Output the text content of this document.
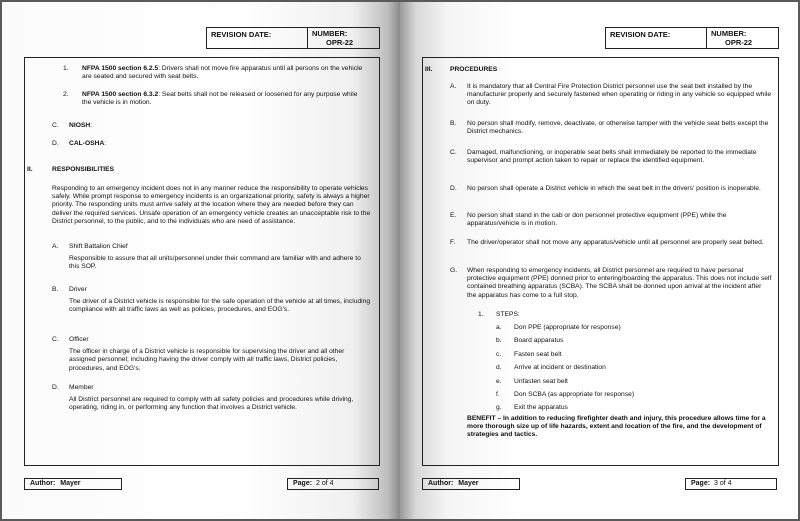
REVISION DATE:	NUMBER:
OPR-22
1. NFPA 1500 section 6.2.5: Drivers shall not move fire apparatus until all persons on the vehicle are seated and secured with seat belts.

2. NFPA 1500 section 6.3.2: Seat belts shall not be released or loosened for any purpose while the vehicle is in motion.

C. NIOSH:
D. CAL-OSHA:
II.	RESPONSIBILITIES
Responding to an emergency incident does not in any manner reduce the responsibility to operate vehicles safely. While prompt response to emergency incidents is an organizational priority, safety is always a higher priority. The responding units must arrive safely at the location where they are needed before they can deliver the required services. Unsafe operation of an emergency vehicle creates an unacceptable risk to the District personnel, to the public, and to the individuals who are need of assistance.
A. Shift Battalion Chief

Responsible to assure that all units/personnel under their command are familiar with and adhere to this SOP.

B. Driver

The driver of a District vehicle is responsible for the safe operation of the vehicle at all times, including compliance with all traffic laws as well as policies, procedures, and EOG's.

C. Officer

The officer in charge of a District vehicle is responsible for supervising the driver and all other assigned personnel; including having the driver comply with all traffic laws, District policies, procedures, and EOG's.

D. Member

All District personnel are required to comply with all safety policies and procedures while driving, operating, riding in, or performing any function that involves a District vehicle.

Author: Mayer	Page: 2 of 4
REVISION DATE:	NUMBER:
OPR-22
III.	PROCEDURES
A. It is mandatory that all Central Fire Protection District personnel use the seat belt installed by the manufacturer properly and securely fastened when operating or riding in any vehicle so equipped while on duty.

B. No person shall modify, remove, deactivate, or otherwise tamper with the vehicle seat belts except the District mechanics.

C. Damaged, malfunctioning, or inoperable seat belts shall immediately be reported to the immediate supervisor and prompt action taken to repair or replace the identified equipment.

D. No person shall operate a District vehicle in which the seat belt in the drivers' position is inoperable.

E. No person shall stand in the cab or don personnel protective equipment (PPE) while the apparatus/vehicle is in motion.

F. The driver/operator shall not move any apparatus/vehicle until all personnel are properly seat belted.

G. When responding to emergency incidents, all District personnel are required to have personal protective equipment (PPE) donned prior to entering/boarding the apparatus. This does not include self contained breathing apparatus (SCBA). The SCBA shall be donned upon arrival at the incident after the apparatus has come to a full stop.

1. STEPS:
a. Don PPE (appropriate for response)
b. Board apparatus
c. Fasten seat belt
d. Arrive at incident or destination
e. Unfasten seat belt
f. Don SCBA (as appropriate for response)
g. Exit the apparatus
BENEFIT – In addition to reducing firefighter death and injury, this procedure allows time for a more thorough size up of life hazards, extent and location of the fire, and the development of strategies and tactics.
Author: Mayer	Page: 3 of 4
